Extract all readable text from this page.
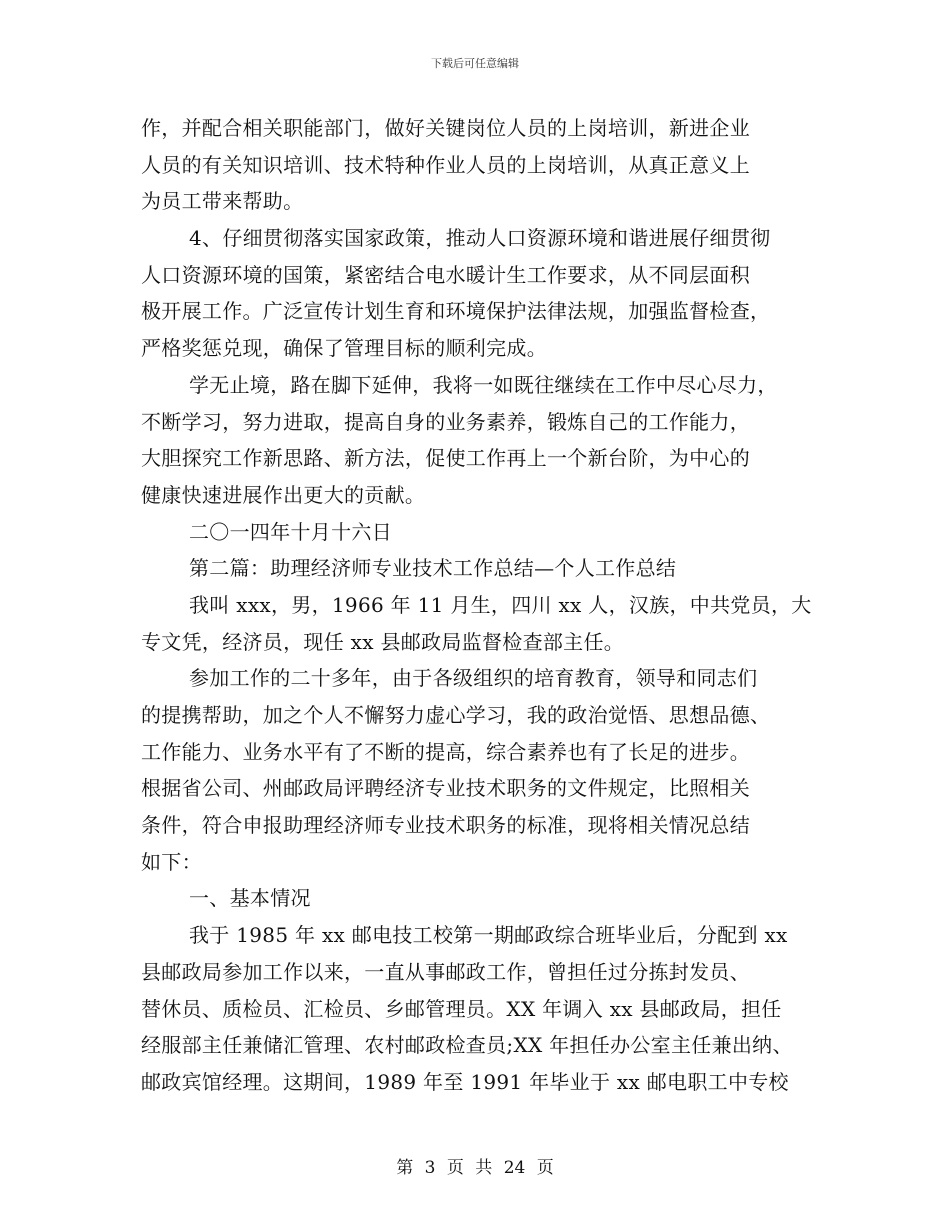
下载后可任意编辑
作，并配合相关职能部门，做好关键岗位人员的上岗培训，新进企业
人员的有关知识培训、技术特种作业人员的上岗培训，从真正意义上
为员工带来帮助。
4、仔细贯彻落实国家政策，推动人口资源环境和谐进展仔细贯彻
人口资源环境的国策，紧密结合电水暖计生工作要求，从不同层面积
极开展工作。广泛宣传计划生育和环境保护法律法规，加强监督检查，
严格奖惩兑现，确保了管理目标的顺利完成。
学无止境，路在脚下延伸，我将一如既往继续在工作中尽心尽力，
不断学习，努力进取，提高自身的业务素养，锻炼自己的工作能力，
大胆探究工作新思路、新方法，促使工作再上一个新台阶，为中心的
健康快速进展作出更大的贡献。
二〇一四年十月十六日
第二篇：助理经济师专业技术工作总结—个人工作总结
我叫 xxx，男，1966 年 11 月生，四川 xx 人，汉族，中共党员，大
专文凭，经济员，现任 xx 县邮政局监督检查部主任。
参加工作的二十多年，由于各级组织的培育教育，领导和同志们
的提携帮助，加之个人不懈努力虚心学习，我的政治觉悟、思想品德、
工作能力、业务水平有了不断的提高，综合素养也有了长足的进步。
根据省公司、州邮政局评聘经济专业技术职务的文件规定，比照相关
条件，符合申报助理经济师专业技术职务的标准，现将相关情况总结
如下：
一、基本情况
我于 1985 年 xx 邮电技工校第一期邮政综合班毕业后，分配到 xx
县邮政局参加工作以来，一直从事邮政工作，曾担任过分拣封发员、
替休员、质检员、汇检员、乡邮管理员。XX 年调入 xx 县邮政局，担任
经服部主任兼储汇管理、农村邮政检查员;XX 年担任办公室主任兼出纳、
邮政宾馆经理。这期间，1989 年至 1991 年毕业于 xx 邮电职工中专校
第 3 页 共 24 页
